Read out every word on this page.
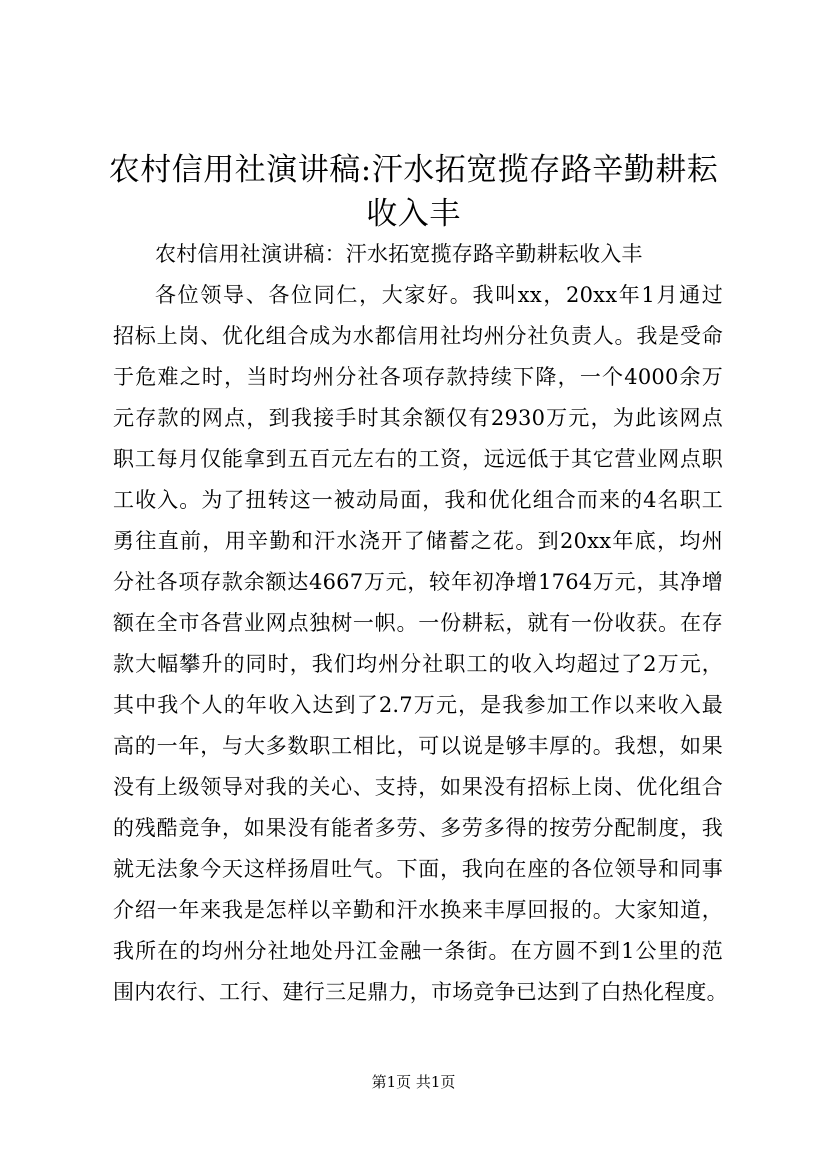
农村信用社演讲稿:汗水拓宽揽存路辛勤耕耘
收入丰
农村信用社演讲稿：汗水拓宽揽存路辛勤耕耘收入丰
各位领导、各位同仁，大家好。我叫xx，20xx年1月通过
招标上岗、优化组合成为水都信用社均州分社负责人。我是受命
于危难之时，当时均州分社各项存款持续下降，一个4000余万
元存款的网点，到我接手时其余额仅有2930万元，为此该网点
职工每月仅能拿到五百元左右的工资，远远低于其它营业网点职
工收入。为了扭转这一被动局面，我和优化组合而来的4名职工
勇往直前，用辛勤和汗水浇开了储蓄之花。到20xx年底，均州
分社各项存款余额达4667万元，较年初净增1764万元，其净增
额在全市各营业网点独树一帜。一份耕耘，就有一份收获。在存
款大幅攀升的同时，我们均州分社职工的收入均超过了2万元，
其中我个人的年收入达到了2.7万元，是我参加工作以来收入最
高的一年，与大多数职工相比，可以说是够丰厚的。我想，如果
没有上级领导对我的关心、支持，如果没有招标上岗、优化组合
的残酷竞争，如果没有能者多劳、多劳多得的按劳分配制度，我
就无法象今天这样扬眉吐气。下面，我向在座的各位领导和同事
介绍一年来我是怎样以辛勤和汗水换来丰厚回报的。大家知道，
我所在的均州分社地处丹江金融一条街。在方圆不到1公里的范
围内农行、工行、建行三足鼎力，市场竞争已达到了白热化程度。
第1页 共1页
